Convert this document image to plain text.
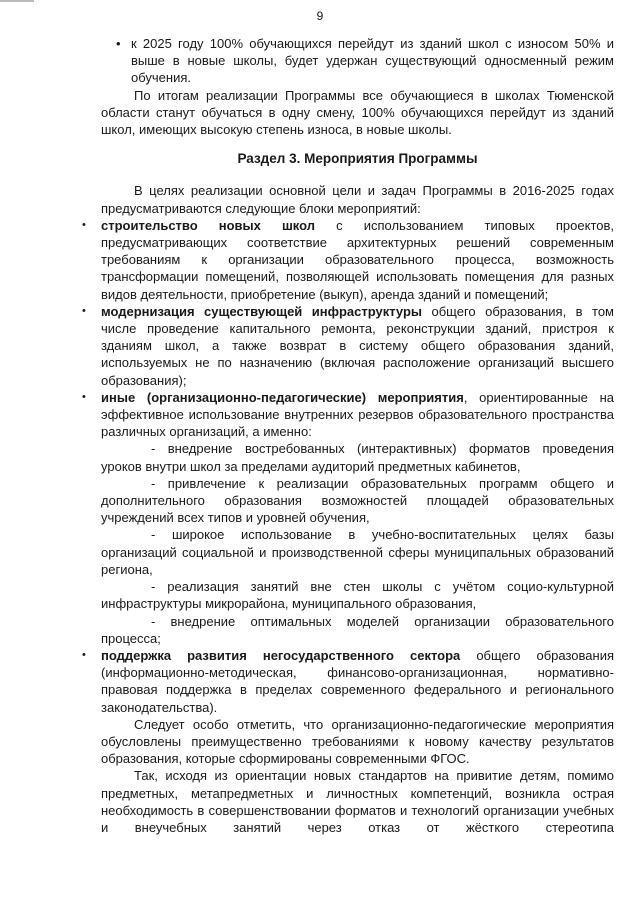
9

• к 2025 году 100% обучающихся перейдут из зданий школ с износом 50% и выше в новые школы, будет удержан существующий односменный режим обучения.

По итогам реализации Программы все обучающиеся в школах Тюменской области станут обучаться в одну смену, 100% обучающихся перейдут из зданий школ, имеющих высокую степень износа, в новые школы.

Раздел 3. Мероприятия Программы

В целях реализации основной цели и задач Программы в 2016-2025 годах предусматриваются следующие блоки мероприятий:

• строительство новых школ с использованием типовых проектов, предусматривающих соответствие архитектурных решений современным требованиям к организации образовательного процесса, возможность трансформации помещений, позволяющей использовать помещения для разных видов деятельности, приобретение (выкуп), аренда зданий и помещений;

• модернизация существующей инфраструктуры общего образования, в том числе проведение капитального ремонта, реконструкции зданий, пристроя к зданиям школ, а также возврат в систему общего образования зданий, используемых не по назначению (включая расположение организаций высшего образования);

• иные (организационно-педагогические) мероприятия, ориентированные на эффективное использование внутренних резервов образовательного пространства различных организаций, а именно:

- внедрение востребованных (интерактивных) форматов проведения уроков внутри школ за пределами аудиторий предметных кабинетов,

- привлечение к реализации образовательных программ общего и дополнительного образования возможностей площадей образовательных учреждений всех типов и уровней обучения,

- широкое использование в учебно-воспитательных целях базы организаций социальной и производственной сферы муниципальных образований региона,

- реализация занятий вне стен школы с учётом социо-культурной инфраструктуры микрорайона, муниципального образования,

- внедрение оптимальных моделей организации образовательного процесса;

• поддержка развития негосударственного сектора общего образования (информационно-методическая, финансово-организационная, нормативно-правовая поддержка в пределах современного федерального и регионального законодательства).

Следует особо отметить, что организационно-педагогические мероприятия обусловлены преимущественно требованиями к новому качеству результатов образования, которые сформированы современными ФГОС.

Так, исходя из ориентации новых стандартов на привитие детям, помимо предметных, метапредметных и личностных компетенций, возникла острая необходимость в совершенствовании форматов и технологий организации учебных и внеучебных занятий через отказ от жёсткого стереотипа
